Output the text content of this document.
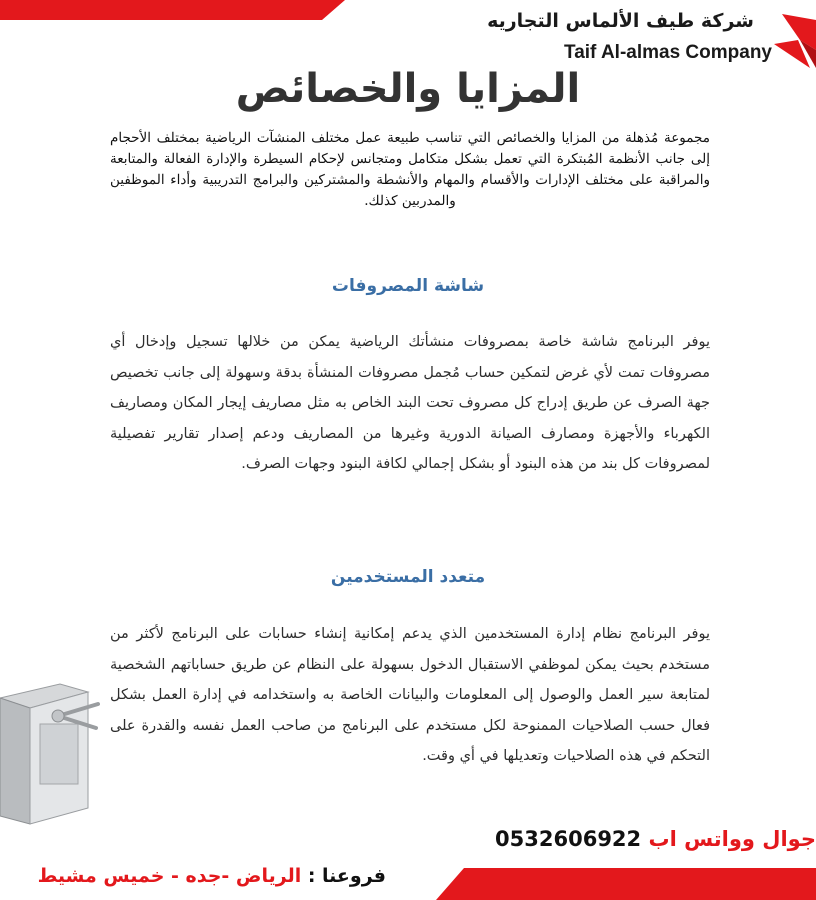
شركة طيف الألماس التجاريه
Taif Al-almas Company
المزايا والخصائص
مجموعة مُذهلة من المزايا والخصائص التي تناسب طبيعة عمل مختلف المنشآت الرياضية بمختلف الأحجام إلى جانب الأنظمة المُبتكرة التي تعمل بشكل متكامل ومتجانس لإحكام السيطرة والإدارة الفعالة والمتابعة والمراقبة على مختلف الإدارات والأقسام والمهام والأنشطة والمشتركين والبرامج التدريبية وأداء الموظفين والمدربين كذلك.
شاشة المصروفات
يوفر البرنامج شاشة خاصة بمصروفات منشأتك الرياضية يمكن من خلالها تسجيل وإدخال أي مصروفات تمت لأي غرض لتمكين حساب مُجمل مصروفات المنشأة بدقة وسهولة إلى جانب تخصيص جهة الصرف عن طريق إدراج كل مصروف تحت البند الخاص به مثل مصاريف إيجار المكان ومصاريف الكهرباء والأجهزة ومصارف الصيانة الدورية وغيرها من المصاريف ودعم إصدار تقارير تفصيلية لمصروفات كل بند من هذه البنود أو بشكل إجمالي لكافة البنود وجهات الصرف.
متعدد المستخدمين
يوفر البرنامج نظام إدارة المستخدمين الذي يدعم إمكانية إنشاء حسابات على البرنامج لأكثر من مستخدم بحيث يمكن لموظفي الاستقبال الدخول بسهولة على النظام عن طريق حساباتهم الشخصية لمتابعة سير العمل والوصول إلى المعلومات والبيانات الخاصة به واستخدامه في إدارة العمل بشكل فعال حسب الصلاحيات الممنوحة لكل مستخدم على البرنامج من صاحب العمل نفسه والقدرة على التحكم في هذه الصلاحيات وتعديلها في أي وقت.
جوال وواتس اب 0532606922
فروعنا : الرياض -جده - خميس مشيط
